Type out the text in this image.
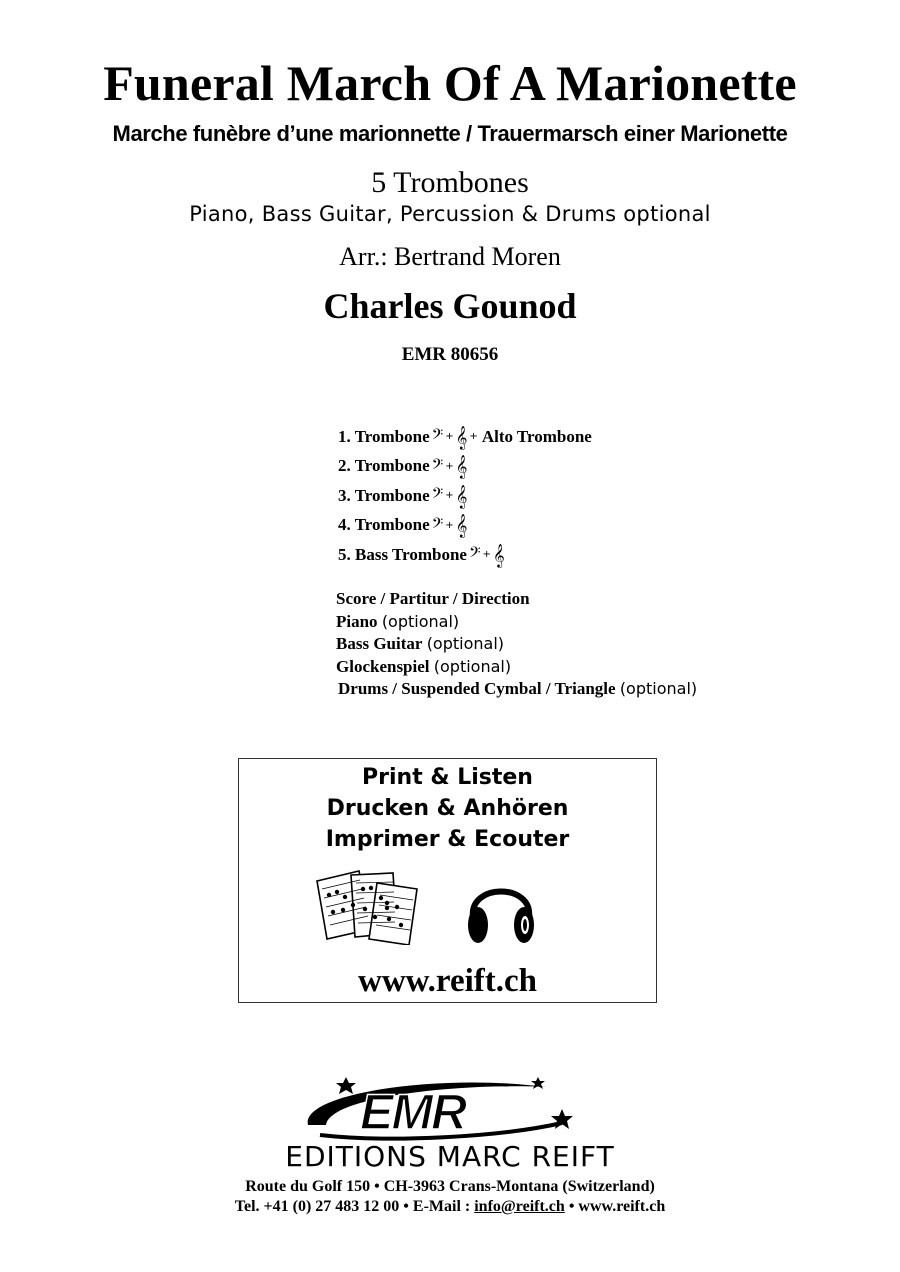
Funeral March Of A Marionette
Marche funèbre d’une marionnette / Trauermarsch einer Marionette
5 Trombones
Piano, Bass Guitar, Percussion & Drums optional
Arr.: Bertrand Moren
Charles Gounod
EMR 80656
1. Trombone 𝄢 + 𝄞 + Alto Trombone
2. Trombone 𝄢 + 𝄞
3. Trombone 𝄢 + 𝄞
4. Trombone 𝄢 + 𝄞
5. Bass Trombone 𝄢 + 𝄞
Score / Partitur / Direction
Piano (optional)
Bass Guitar (optional)
Glockenspiel (optional)
Drums / Suspended Cymbal / Triangle (optional)
Print & Listen
Drucken & Anhören
Imprimer & Ecouter
www.reift.ch
EMR
EDITIONS MARC REIFT
Route du Golf 150 • CH-3963 Crans-Montana (Switzerland)
Tel. +41 (0) 27 483 12 00 • E-Mail : info@reift.ch • www.reift.ch
